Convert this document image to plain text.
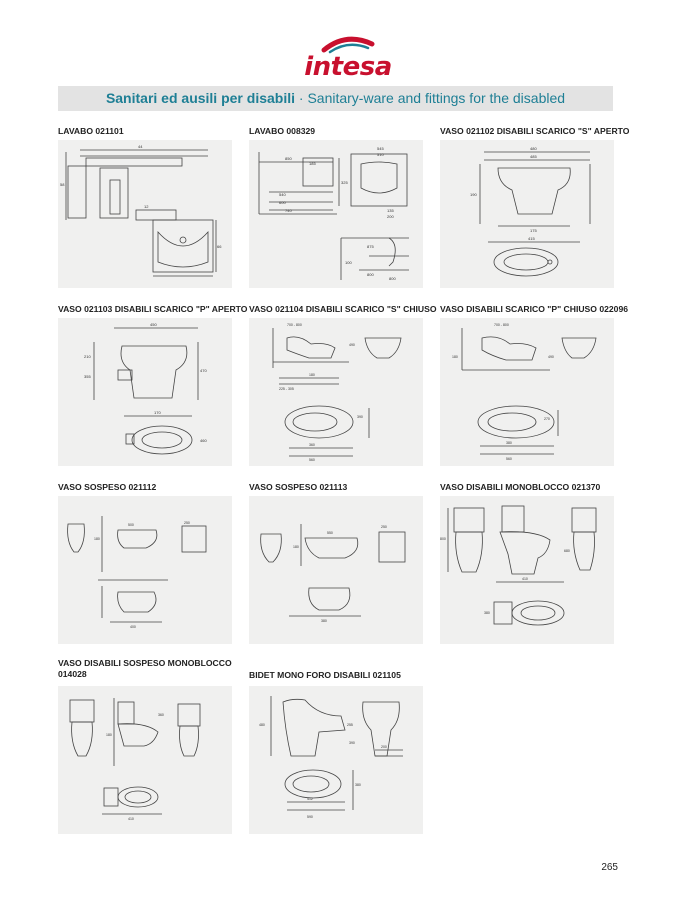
intesa
Sanitari ed ausili per disabili · Sanitary-ware and fittings for the disabled
LAVABO 021101	LAVABO 008329	VASO 021102 DISABILI SCARICO "S" APERTO
44
58
12
66
850
185
540
600
740
545
510
325
135
200
875
100
800
800
480
485
190
175
415
VASO 021103 DISABILI SCARICO "P" APERTO VASO 021104 DISABILI SCARICO "S" CHIUSO VASO DISABILI SCARICO "P" CHIUSO 022096
450
210
355
470
170
460
700 - 800
490
180
225 - 305
390
360
560
700 - 800
490
180
270
380
560
VASO SOSPESO 021112	VASO SOSPESO 021113	VASO DISABILI MONOBLOCCO 021370
500
180
250
400
550
180
250
380
800
680
410
380
VASO DISABILI SOSPESO MONOBLOCCO 014028	BIDET MONO FORO DISABILI 021105
360
180
410
480	255
390
200
412
590
380
265
